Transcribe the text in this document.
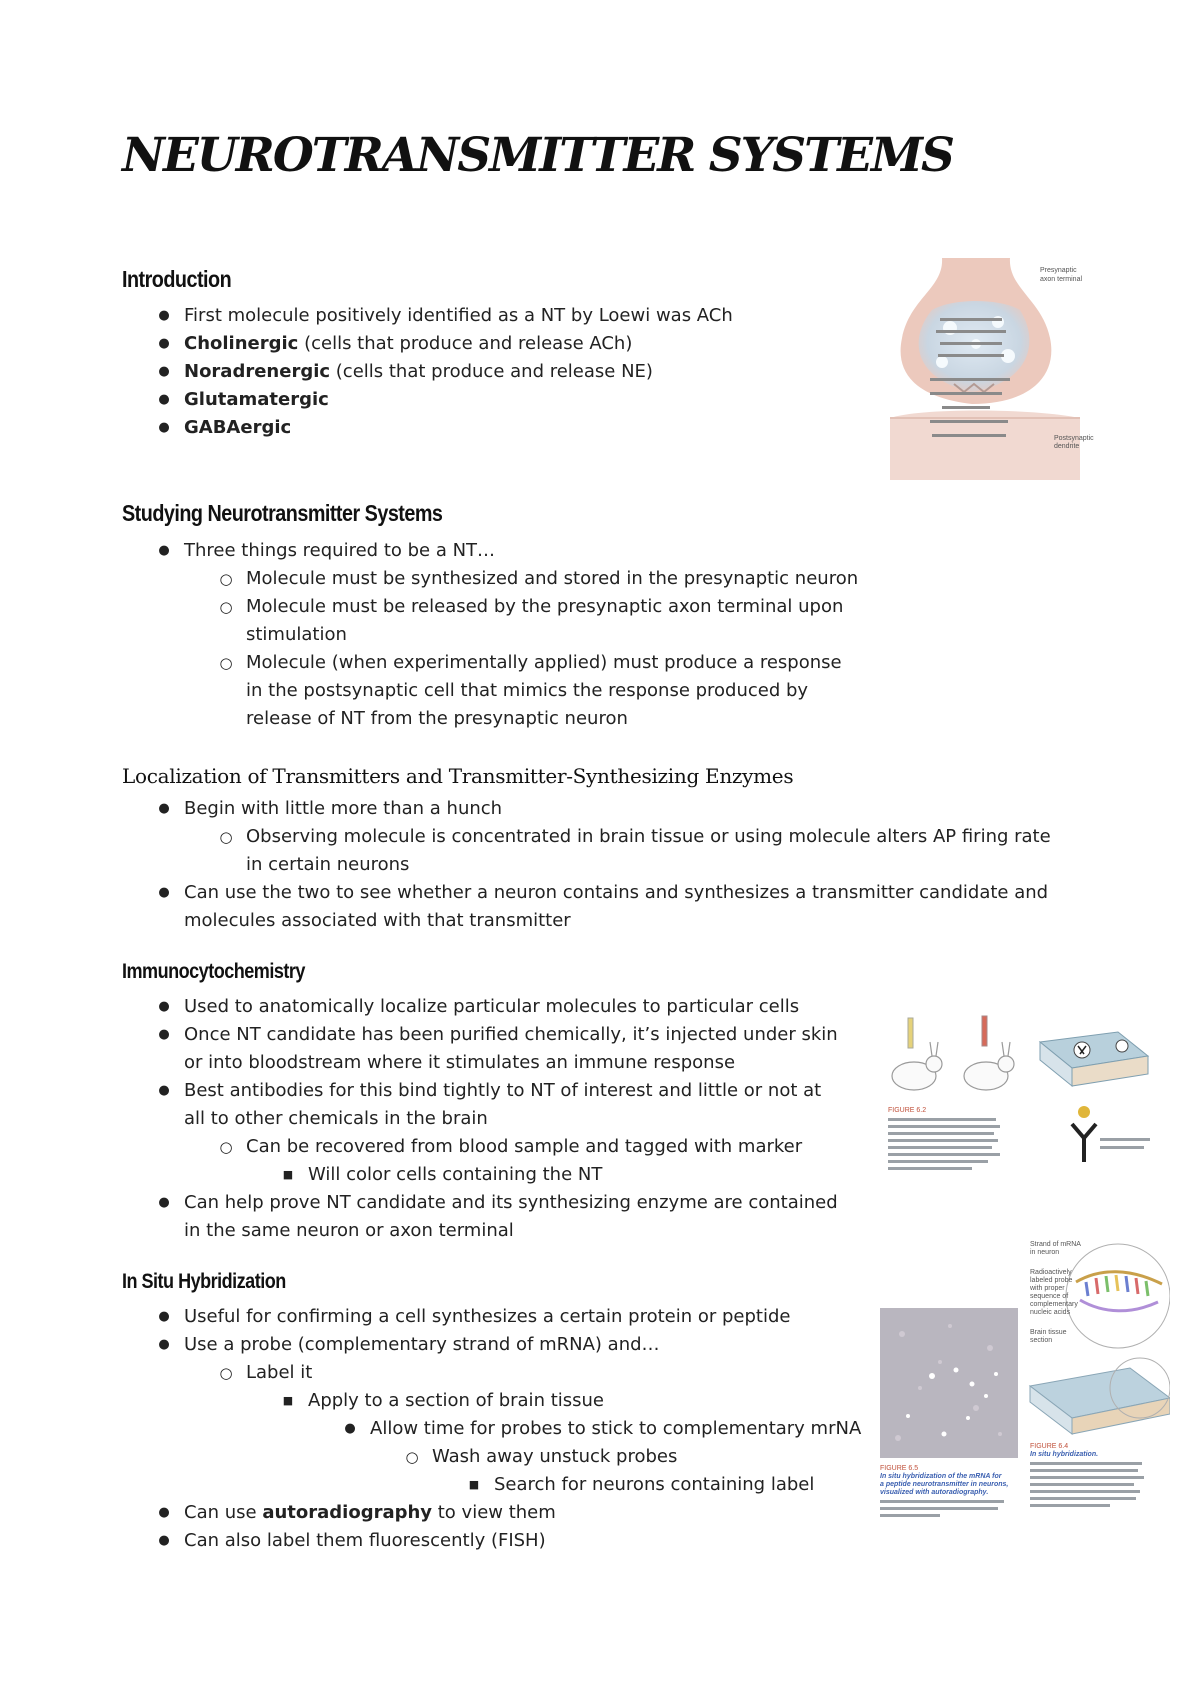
NEUROTRANSMITTER SYSTEMS
Introduction
●
First molecule positively identified as a NT by Loewi was ACh
●
Cholinergic (cells that produce and release ACh)
●
Noradrenergic (cells that produce and release NE)
●
Glutamatergic
●
GABAergic
Studying Neurotransmitter Systems
●
Three things required to be a NT…
○
Molecule must be synthesized and stored in the presynaptic neuron
○
Molecule must be released by the presynaptic axon terminal upon
stimulation
○
Molecule (when experimentally applied) must produce a response
in the postsynaptic cell that mimics the response produced by
release of NT from the presynaptic neuron
Localization of Transmitters and Transmitter-Synthesizing Enzymes
●
Begin with little more than a hunch
○
Observing molecule is concentrated in brain tissue or using molecule alters AP firing rate
in certain neurons
●
Can use the two to see whether a neuron contains and synthesizes a transmitter candidate and
molecules associated with that transmitter
Immunocytochemistry
●
Used to anatomically localize particular molecules to particular cells
●
Once NT candidate has been purified chemically, it’s injected under skin
or into bloodstream where it stimulates an immune response
●
Best antibodies for this bind tightly to NT of interest and little or not at
all to other chemicals in the brain
○
Can be recovered from blood sample and tagged with marker
■
Will color cells containing the NT
●
Can help prove NT candidate and its synthesizing enzyme are contained
in the same neuron or axon terminal
In Situ Hybridization
●
Useful for confirming a cell synthesizes a certain protein or peptide
●
Use a probe (complementary strand of mRNA) and…
○
Label it
■
Apply to a section of brain tissue
●
Allow time for probes to stick to complementary mrNA
○
Wash away unstuck probes
■
Search for neurons containing label
●
Can use autoradiography to view them
●
Can also label them fluorescently (FISH)
Presynaptic
axon terminal
Postsynaptic
dendrite
FIGURE 6.2
Strand of mRNA
in neuron
Radioactively
labeled probe
with proper
sequence of
complementary
nucleic acids
Brain tissue
section
FIGURE 6.4
In situ hybridization.
FIGURE 6.5
In situ hybridization of the mRNA for
a peptide neurotransmitter in neurons,
visualized with autoradiography.
